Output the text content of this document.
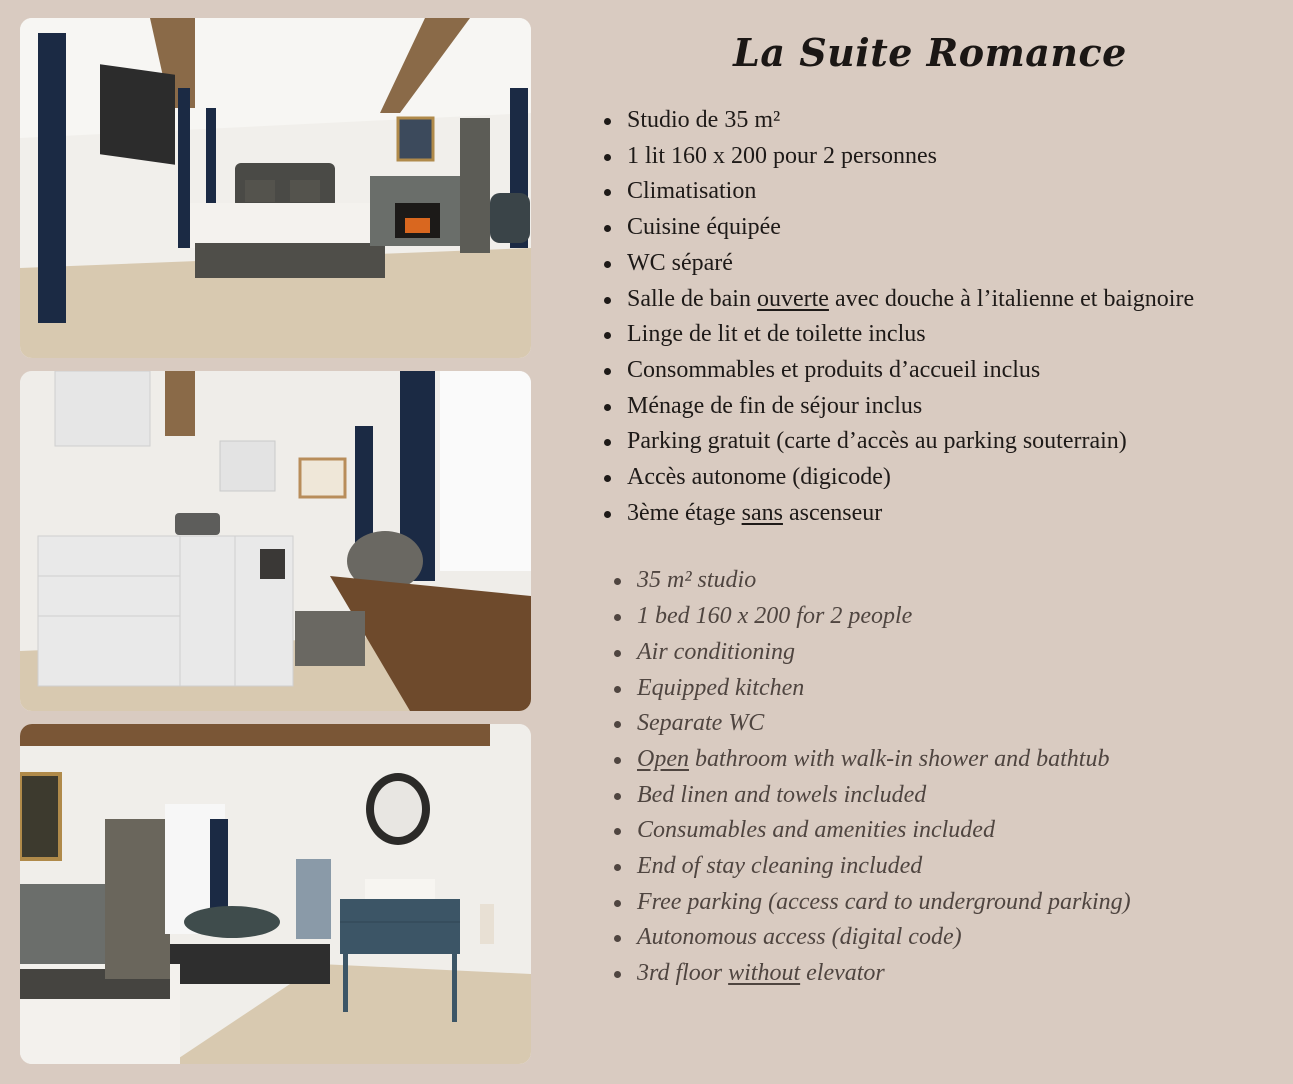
La Suite Romance
Studio de 35 m²
1 lit 160 x 200 pour 2 personnes
Climatisation
Cuisine équipée
WC séparé
Salle de bain ouverte avec douche à l’italienne et baignoire
Linge de lit et de toilette inclus
Consommables et produits d’accueil inclus
Ménage de fin de séjour inclus
Parking gratuit (carte d’accès au parking souterrain)
Accès autonome (digicode)
3ème étage sans ascenseur
35 m² studio
1 bed 160 x 200 for 2 people
Air conditioning
Equipped kitchen
Separate WC
Open bathroom with walk-in shower and bathtub
Bed linen and towels included
Consumables and amenities included
End of stay cleaning included
Free parking (access card to underground parking)
Autonomous access (digital code)
3rd floor without elevator
